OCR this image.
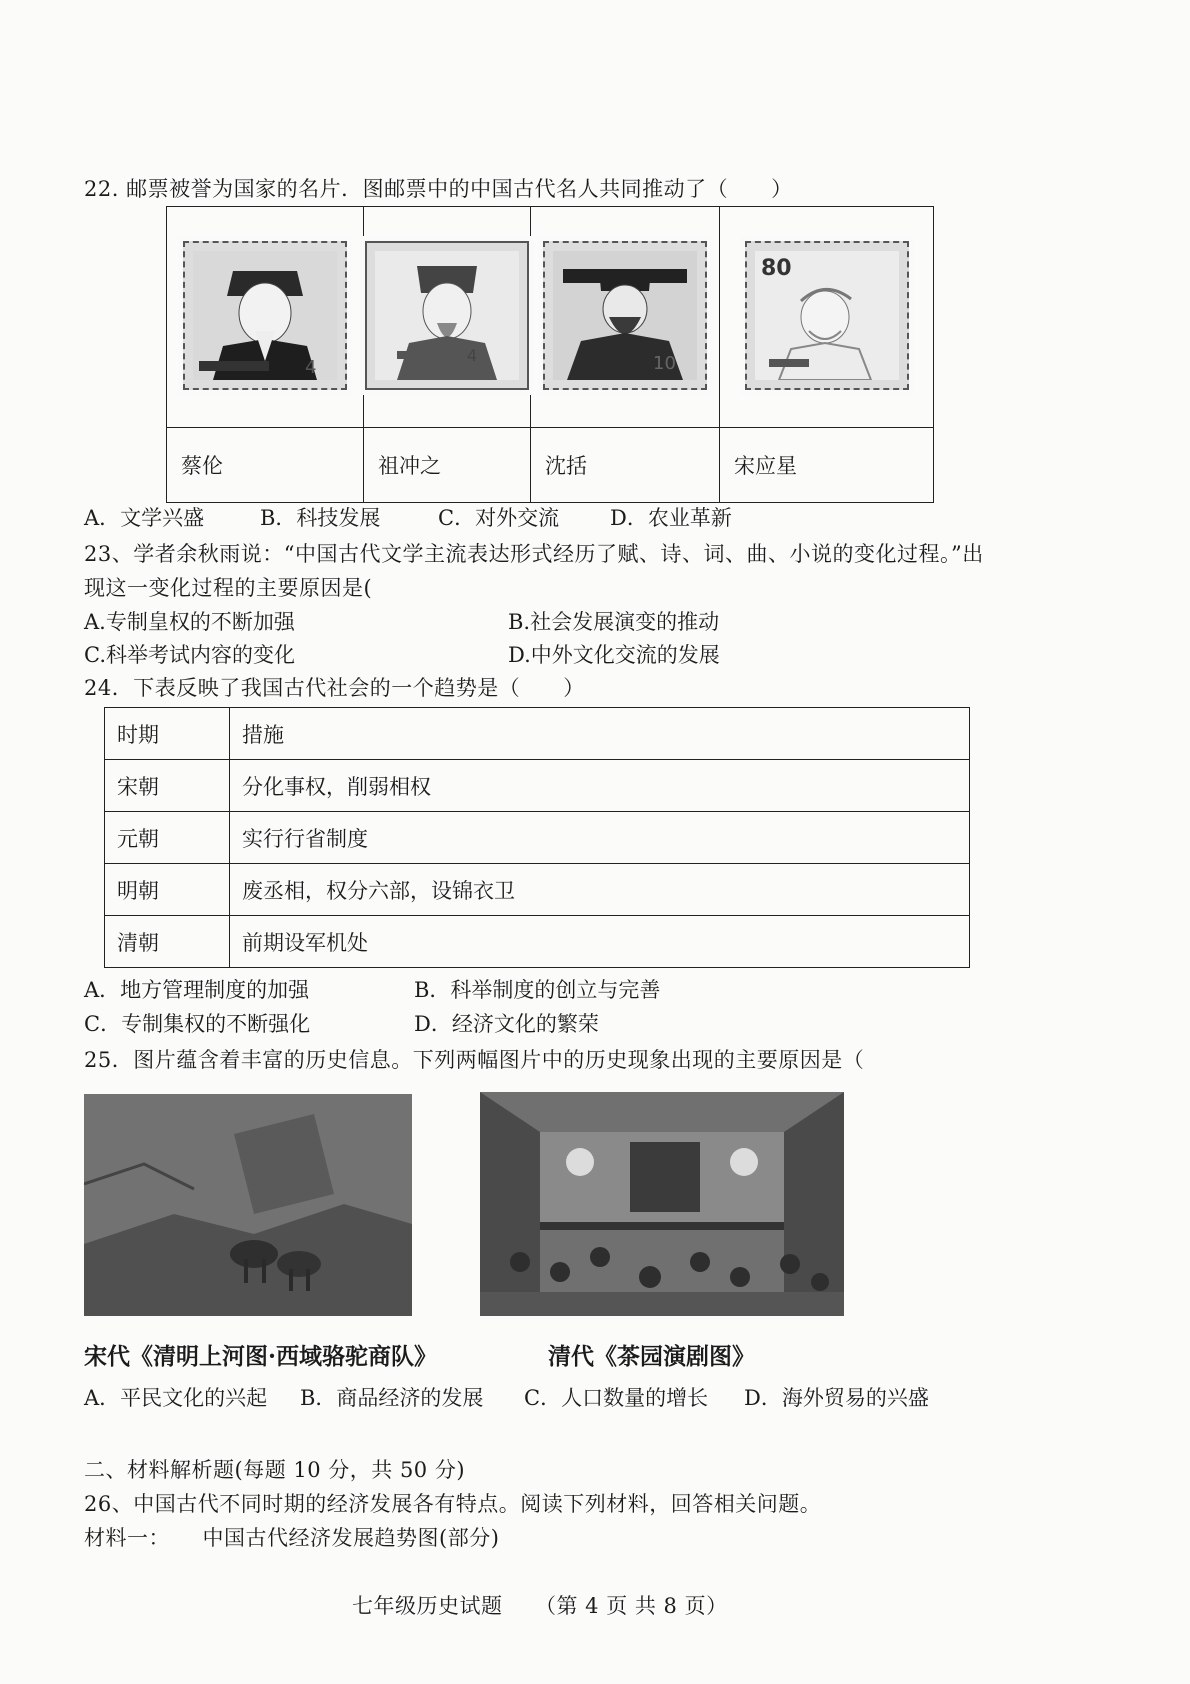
22. 邮票被誉为国家的名片．图邮票中的中国古代名人共同推动了（　　）
4	4	10	80

蔡伦	祖冲之	沈括	宋应星
A．文学兴盛	B．科技发展	C．对外交流 D．农业革新
23、学者余秋雨说：“中国古代文学主流表达形式经历了赋、诗、词、曲、小说的变化过程。”出
现这一变化过程的主要原因是(
A.专制皇权的不断加强	B.社会发展演变的推动
C.科举考试内容的变化	D.中外文化交流的发展
24．下表反映了我国古代社会的一个趋势是（　　）
时期	措施
宋朝	分化事权，削弱相权
元朝	实行行省制度
明朝	废丞相，权分六部，设锦衣卫
清朝	前期设军机处
A．地方管理制度的加强	B．科举制度的创立与完善
C．专制集权的不断强化	D．经济文化的繁荣
25．图片蕴含着丰富的历史信息。下列两幅图片中的历史现象出现的主要原因是（
宋代《清明上河图·西域骆驼商队》	清代《茶园演剧图》
A．平民文化的兴起 B．商品经济的发展 C．人口数量的增长 D．海外贸易的兴盛
二、材料解析题(每题 10 分，共 50 分)
26、中国古代不同时期的经济发展各有特点。阅读下列材料，回答相关问题。
材料一：　　中国古代经济发展趋势图(部分)
七年级历史试题　　（第 4 页 共 8 页）
